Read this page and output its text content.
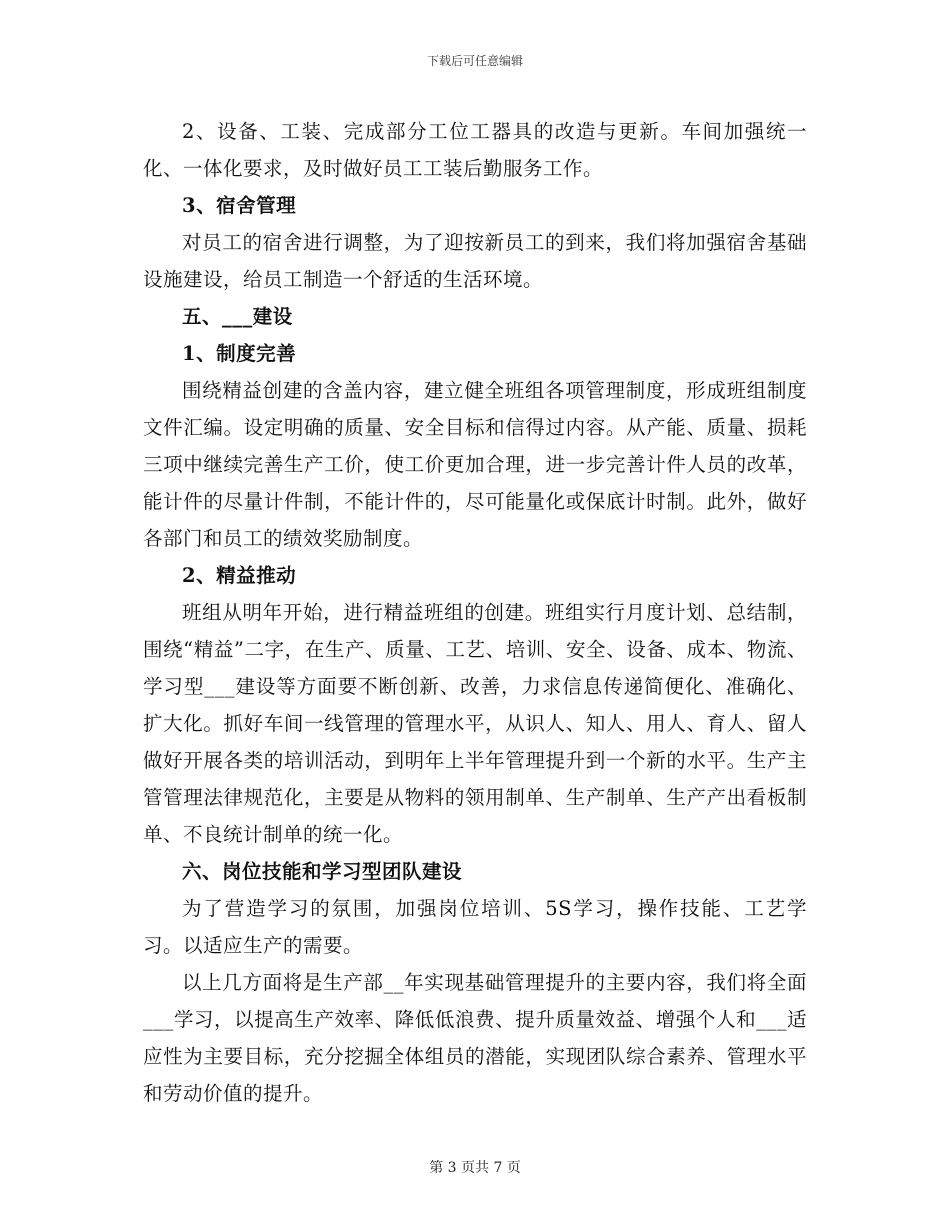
下载后可任意编辑

2、设备、工装、完成部分工位工器具的改造与更新。车间加强统一化、一体化要求，及时做好员工工装后勤服务工作。

3、宿舍管理

对员工的宿舍进行调整，为了迎按新员工的到来，我们将加强宿舍基础设施建设，给员工制造一个舒适的生活环境。

五、___建设

1、制度完善

围绕精益创建的含盖内容，建立健全班组各项管理制度，形成班组制度文件汇编。设定明确的质量、安全目标和信得过内容。从产能、质量、损耗三项中继续完善生产工价，使工价更加合理，进一步完善计件人员的改革，能计件的尽量计件制，不能计件的，尽可能量化或保底计时制。此外，做好各部门和员工的绩效奖励制度。

2、精益推动

班组从明年开始，进行精益班组的创建。班组实行月度计划、总结制，围绕“精益”二字，在生产、质量、工艺、培训、安全、设备、成本、物流、学习型___建设等方面要不断创新、改善，力求信息传递简便化、准确化、扩大化。抓好车间一线管理的管理水平，从识人、知人、用人、育人、留人做好开展各类的培训活动，到明年上半年管理提升到一个新的水平。生产主管管理法律规范化，主要是从物料的领用制单、生产制单、生产产出看板制单、不良统计制单的统一化。

六、岗位技能和学习型团队建设

为了营造学习的氛围，加强岗位培训、5S学习，操作技能、工艺学习。以适应生产的需要。

以上几方面将是生产部__年实现基础管理提升的主要内容，我们将全面___学习，以提高生产效率、降低低浪费、提升质量效益、增强个人和___适应性为主要目标，充分挖掘全体组员的潜能，实现团队综合素养、管理水平和劳动价值的提升。

第 3 页共 7 页
